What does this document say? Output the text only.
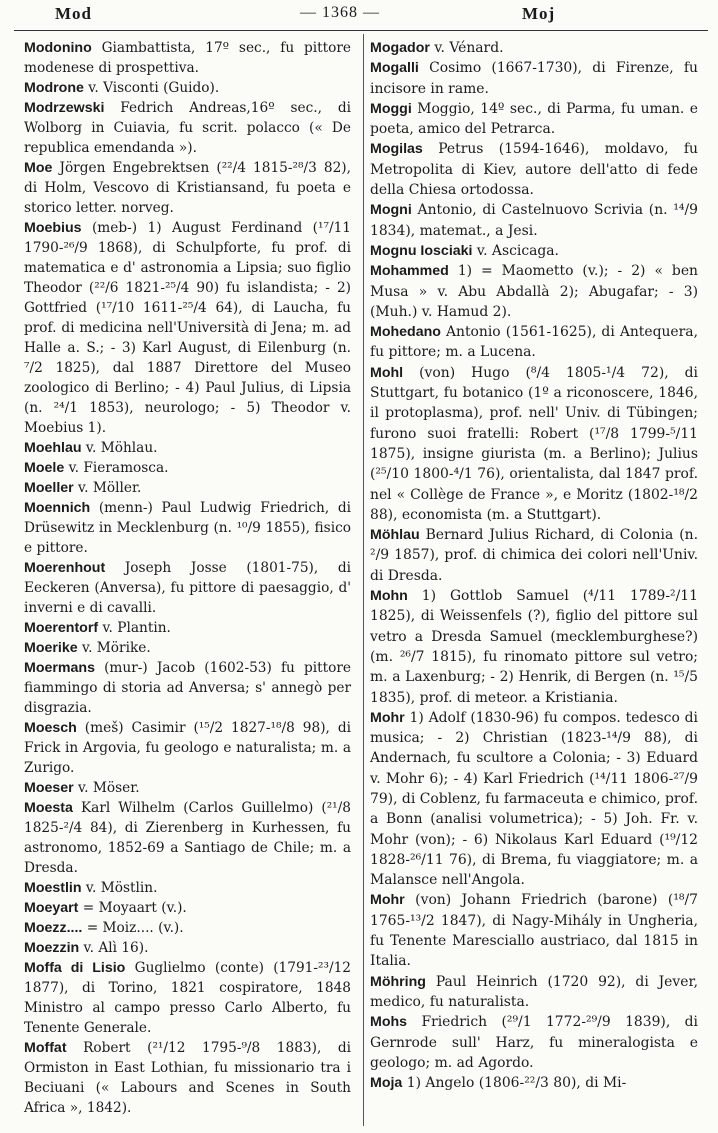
Mod	— 1368 —	Moj

Modonino Giambattista, 17º sec., fu pittore modenese di prospettiva.

Modrone v. Visconti (Guido).

Modrzewski Fedrich Andreas,16º sec., di Wolborg in Cuiavia, fu scrit. polacco (« De republica emendanda »).

Moe Jörgen Engebrektsen (²²/4 1815-²⁸/3 82), di Holm, Vescovo di Kristiansand, fu poeta e storico letter. norveg.

Moebius (meb-) 1) August Ferdinand (¹⁷/11 1790-²⁶/9 1868), di Schulpforte, fu prof. di matematica e d' astronomia a Lipsia; suo figlio Theodor (²²/6 1821-²⁵/4 90) fu islandista; - 2) Gottfried (¹⁷/10 1611-²⁵/4 64), di Laucha, fu prof. di medicina nell'Università di Jena; m. ad Halle a. S.; - 3) Karl August, di Eilenburg (n. ⁷/2 1825), dal 1887 Direttore del Museo zoologico di Berlino; - 4) Paul Julius, di Lipsia (n. ²⁴/1 1853), neurologo; - 5) Theodor v. Moebius 1).

Moehlau v. Möhlau.

Moele v. Fieramosca.

Moeller v. Möller.

Moennich (menn-) Paul Ludwig Friedrich, di Drüsewitz in Mecklenburg (n. ¹⁰/9 1855), fisico e pittore.

Moerenhout Joseph Josse (1801-75), di Eeckeren (Anversa), fu pittore di paesaggio, d' inverni e di cavalli.

Moerentorf v. Plantin.

Moerike v. Mörike.

Moermans (mur-) Jacob (1602-53) fu pittore fiammingo di storia ad Anversa; s' annegò per disgrazia.

Moesch (meš) Casimir (¹⁵/2 1827-¹⁸/8 98), di Frick in Argovia, fu geologo e naturalista; m. a Zurigo.

Moeser v. Möser.

Moesta Karl Wilhelm (Carlos Guillelmo) (²¹/8 1825-²/4 84), di Zierenberg in Kurhessen, fu astronomo, 1852-69 a Santiago de Chile; m. a Dresda.

Moestlin v. Möstlin.

Moeyart = Moyaart (v.).

Moezz.... = Moiz.... (v.).

Moezzin v. Alì 16).

Moffa di Lisio Guglielmo (conte) (1791-²³/12 1877), di Torino, 1821 cospiratore, 1848 Ministro al campo presso Carlo Alberto, fu Tenente Generale.

Moffat Robert (²¹/12 1795-⁹/8 1883), di Ormiston in East Lothian, fu missionario tra i Beciuani (« Labours and Scenes in South Africa », 1842).

Mogador v. Vénard.

Mogalli Cosimo (1667-1730), di Firenze, fu incisore in rame.

Moggi Moggio, 14º sec., di Parma, fu uman. e poeta, amico del Petrarca.

Mogilas Petrus (1594-1646), moldavo, fu Metropolita di Kiev, autore dell'atto di fede della Chiesa ortodossa.

Mogni Antonio, di Castelnuovo Scrivia (n. ¹⁴/9 1834), matemat., a Jesi.

Mognu Iosciaki v. Ascicaga.

Mohammed 1) = Maometto (v.); - 2) « ben Musa » v. Abu Abdallà 2); Abugafar; - 3) (Muh.) v. Hamud 2).

Mohedano Antonio (1561-1625), di Antequera, fu pittore; m. a Lucena.

Mohl (von) Hugo (⁸/4 1805-¹/4 72), di Stuttgart, fu botanico (1º a riconoscere, 1846, il protoplasma), prof. nell' Univ. di Tübingen; furono suoi fratelli: Robert (¹⁷/8 1799-⁵/11 1875), insigne giurista (m. a Berlino); Julius (²⁵/10 1800-⁴/1 76), orientalista, dal 1847 prof. nel « Collège de France », e Moritz (1802-¹⁸/2 88), economista (m. a Stuttgart).

Möhlau Bernard Julius Richard, di Colonia (n. ²/9 1857), prof. di chimica dei colori nell'Univ. di Dresda.

Mohn 1) Gottlob Samuel (⁴/11 1789-²/11 1825), di Weissenfels (?), figlio del pittore sul vetro a Dresda Samuel (mecklemburghese?) (m. ²⁶/7 1815), fu rinomato pittore sul vetro; m. a Laxenburg; - 2) Henrik, di Bergen (n. ¹⁵/5 1835), prof. di meteor. a Kristiania.

Mohr 1) Adolf (1830-96) fu compos. tedesco di musica; - 2) Christian (1823-¹⁴/9 88), di Andernach, fu scultore a Colonia; - 3) Eduard v. Mohr 6); - 4) Karl Friedrich (¹⁴/11 1806-²⁷/9 79), di Coblenz, fu farmaceuta e chimico, prof. a Bonn (analisi volumetrica); - 5) Joh. Fr. v. Mohr (von); - 6) Nikolaus Karl Eduard (¹⁹/12 1828-²⁶/11 76), di Brema, fu viaggiatore; m. a Malansce nell'Angola.

Mohr (von) Johann Friedrich (barone) (¹⁸/7 1765-¹³/2 1847), di Nagy-Mihály in Ungheria, fu Tenente Maresciallo austriaco, dal 1815 in Italia.

Möhring Paul Heinrich (1720 92), di Jever, medico, fu naturalista.

Mohs Friedrich (²⁹/1 1772-²⁹/9 1839), di Gernrode sull' Harz, fu mineralogista e geologo; m. ad Agordo.

Moja 1) Angelo (1806-²²/3 80), di Mi-
